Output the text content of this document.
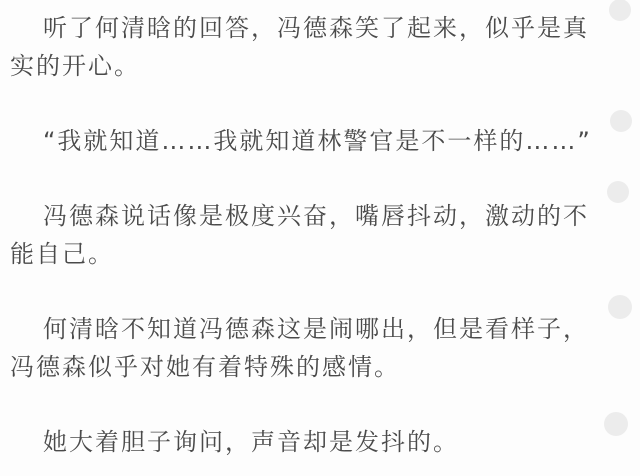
听了何清晗的回答，冯德森笑了起来，似乎是真实的开心。

“我就知道……我就知道林警官是不一样的……”

冯德森说话像是极度兴奋，嘴唇抖动，激动的不能自己。

何清晗不知道冯德森这是闹哪出，但是看样子，冯德森似乎对她有着特殊的感情。

她大着胆子询问，声音却是发抖的。
